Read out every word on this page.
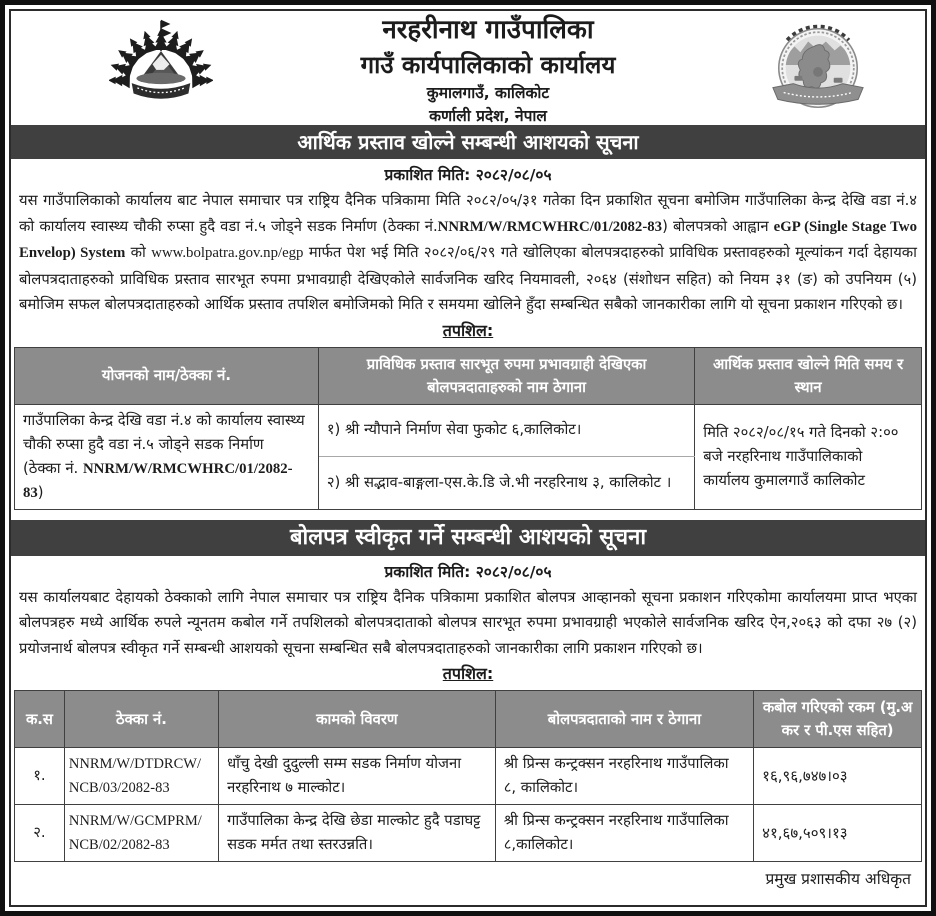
नरहरीनाथ गाउँपालिका
गाउँ कार्यपालिकाको कार्यालय
कुमालगाउँ, कालिकोट
कर्णाली प्रदेश, नेपाल
आर्थिक प्रस्ताव खोल्ने सम्बन्धी आशयको सूचना
प्रकाशित मिति: २०८२/०८/०५

यस गाउँपालिकाको कार्यालय बाट नेपाल समाचार पत्र राष्ट्रिय दैनिक पत्रिकामा मिति २०८२/०५/३१ गतेका दिन प्रकाशित सूचना बमोजिम गाउँपालिका केन्द्र देखि वडा नं.४ को कार्यालय स्वास्थ्य चौकी रुप्सा हुदै वडा नं.५ जोड्ने सडक निर्माण (ठेक्का नं.NNRM/W/RMCWHRC/01/2082-83) बोलपत्रको आह्वान eGP (Single Stage Two Envelop) System को www.bolpatra.gov.np/egp मार्फत पेश भई मिति २०८२/०६/२९ गते खोलिएका बोलपत्रदाहरुको प्राविधिक प्रस्तावहरुको मूल्यांकन गर्दा देहायका बोलपत्रदाताहरुको प्राविधिक प्रस्ताव सारभूत रुपमा प्रभावग्राही देखिएकोले सार्वजनिक खरिद नियमावली, २०६४ (संशोधन सहित) को नियम ३१ (ङ) को उपनियम (५) बमोजिम सफल बोलपत्रदाताहरुको आर्थिक प्रस्ताव तपशिल बमोजिमको मिति र समयमा खोलिने हुँदा सम्बन्धित सबैको जानकारीका लागि यो सूचना प्रकाशन गरिएको छ।

तपशिल:
योजनको नाम/ठेक्का नं.	प्राविधिक प्रस्ताव सारभूत रुपमा प्रभावग्राही देखिएका बोलपत्रदाताहरुको नाम ठेगाना	आर्थिक प्रस्ताव खोल्ने मिति समय र स्थान
गाउँपालिका केन्द्र देखि वडा नं.४ को कार्यालय स्वास्थ्य चौकी रुप्सा हुदै वडा नं.५ जोड्ने सडक निर्माण
(ठेक्का नं. NNRM/W/RMCWHRC/01/2082-83)	१) श्री न्यौपाने निर्माण सेवा फुकोट ६,कालिकोट।	मिति २०८२/०८/१५ गते दिनको २:०० बजे नरहरिनाथ गाउँपालिकाको कार्यालय कुमालगाउँ कालिकोट
	२) श्री सद्भाव-बाङ्गला-एस.के.डि जे.भी नरहरिनाथ ३, कालिकोट ।	
बोलपत्र स्वीकृत गर्ने सम्बन्धी आशयको सूचना
प्रकाशित मिति: २०८२/०८/०५

यस कार्यालयबाट देहायको ठेक्काको लागि नेपाल समाचार पत्र राष्ट्रिय दैनिक पत्रिकामा प्रकाशित बोलपत्र आव्हानको सूचना प्रकाशन गरिएकोमा कार्यालयमा प्राप्त भएका बोलपत्रहरु मध्ये आर्थिक रुपले न्यूनतम कबोल गर्ने तपशिलको बोलपत्रदाताको बोलपत्र सारभूत रुपमा प्रभावग्राही भएकोले सार्वजनिक खरिद ऐन,२०६३ को दफा २७ (२) प्रयोजनार्थ बोलपत्र स्वीकृत गर्ने सम्बन्धी आशयको सूचना सम्बन्धित सबै बोलपत्रदाताहरुको जानकारीका लागि प्रकाशन गरिएको छ।

तपशिल:
क.स	ठेक्का नं.	कामको विवरण	बोलपत्रदाताको नाम र ठेगाना	कबोल गरिएको रकम (मु.अ कर र पी.एस सहित)
१.	NNRM/W/DTDRCW/ NCB/03/2082-83	धाँचु देखी दुदुल्ली सम्म सडक निर्माण योजना नरहरिनाथ ७ माल्कोट।	श्री प्रिन्स कन्ट्रक्सन नरहरिनाथ गाउँपालिका ८, कालिकोट।	१६,९६,७४७।०३
२.	NNRM/W/GCMPRM/ NCB/02/2082-83	गाउँपालिका केन्द्र देखि छेडा माल्कोट हुदै पडाघट्ट सडक मर्मत तथा स्तरउन्नति।	श्री प्रिन्स कन्ट्रक्सन नरहरिनाथ गाउँपालिका ८,कालिकोट।	४१,६७,५०९।१३
प्रमुख प्रशासकीय अधिकृत
